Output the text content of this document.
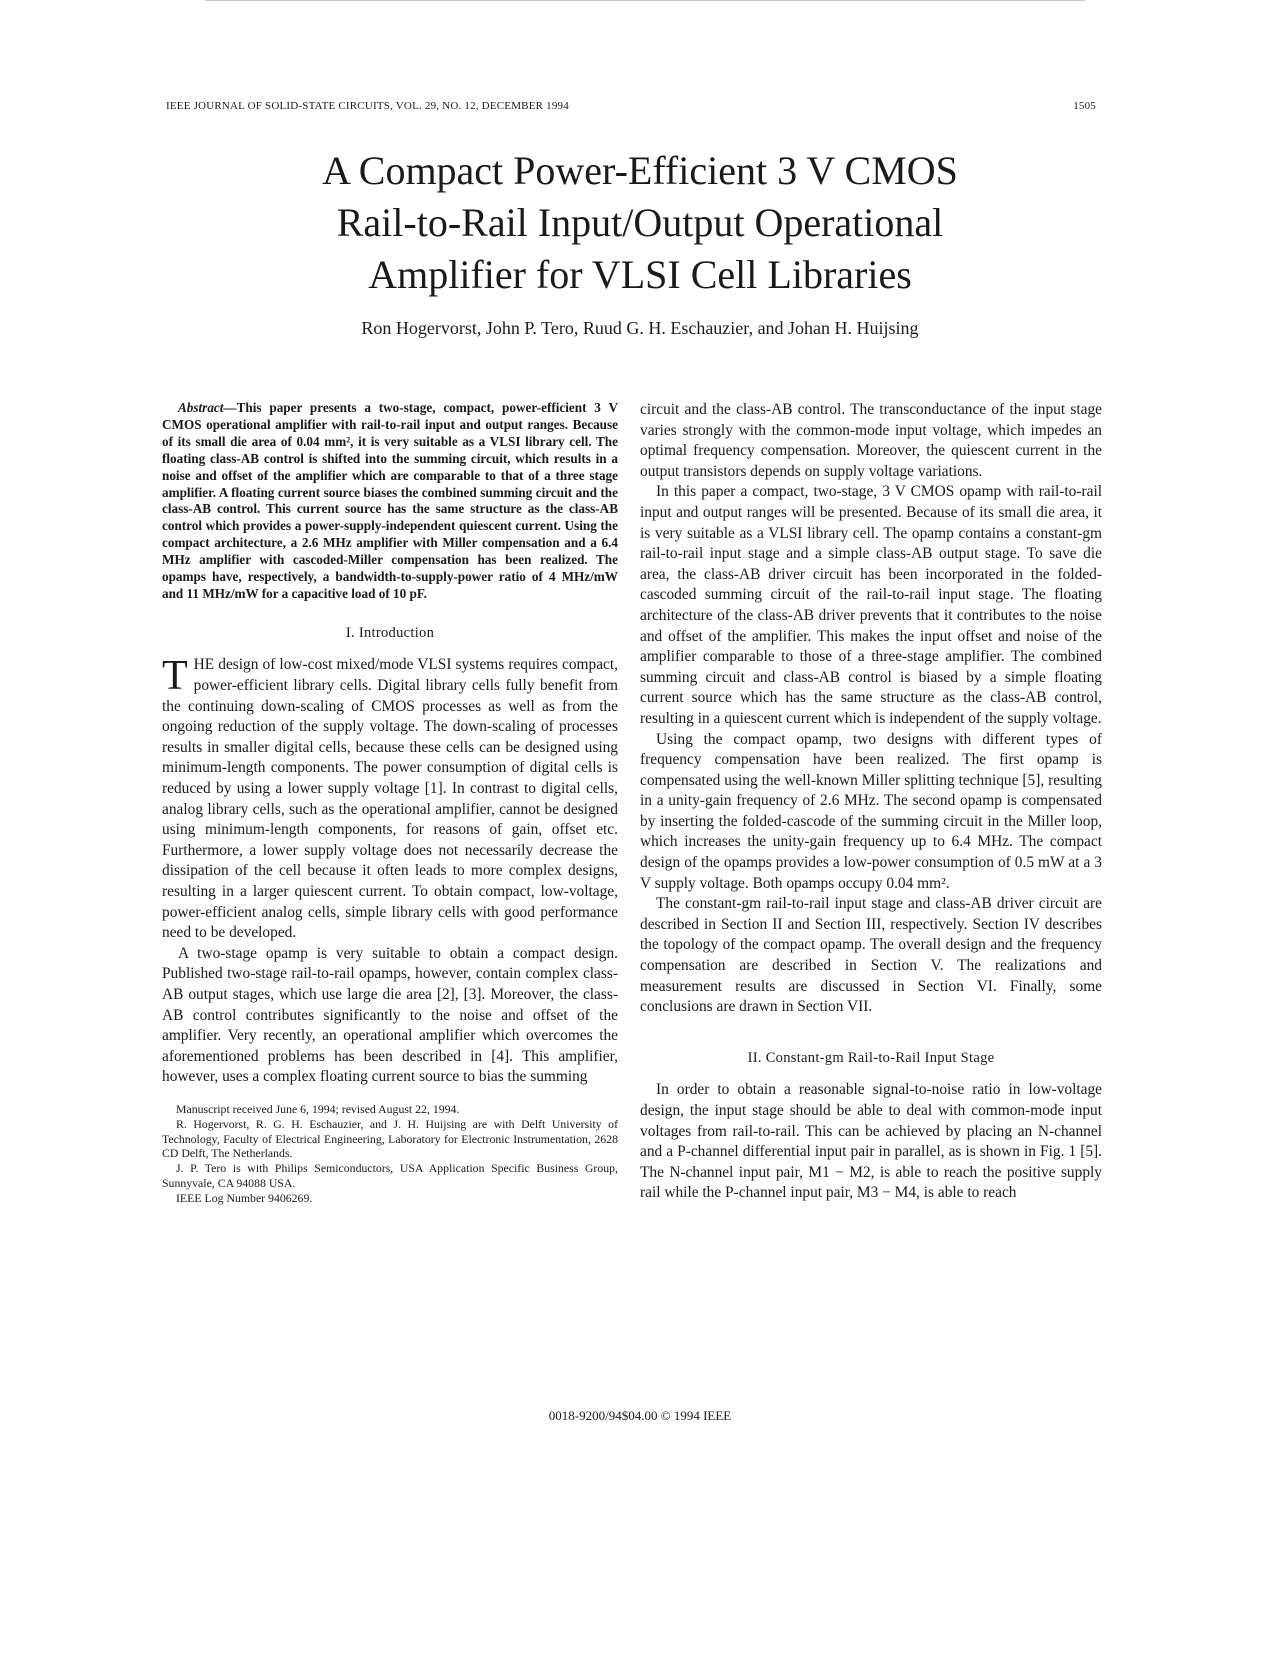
IEEE JOURNAL OF SOLID-STATE CIRCUITS, VOL. 29, NO. 12, DECEMBER 1994	1505
A Compact Power-Efficient 3 V CMOS
Rail-to-Rail Input/Output Operational
Amplifier for VLSI Cell Libraries
Ron Hogervorst, John P. Tero, Ruud G. H. Eschauzier, and Johan H. Huijsing

Abstract—This paper presents a two-stage, compact, power-efficient 3 V CMOS operational amplifier with rail-to-rail input and output ranges. Because of its small die area of 0.04 mm², it is very suitable as a VLSI library cell. The floating class-AB control is shifted into the summing circuit, which results in a noise and offset of the amplifier which are comparable to that of a three stage amplifier. A floating current source biases the combined summing circuit and the class-AB control. This current source has the same structure as the class-AB control which provides a power-supply-independent quiescent current. Using the compact architecture, a 2.6 MHz amplifier with Miller compensation and a 6.4 MHz amplifier with cascoded-Miller compensation has been realized. The opamps have, respectively, a bandwidth-to-supply-power ratio of 4 MHz/mW and 11 MHz/mW for a capacitive load of 10 pF.

I. Introduction

THE design of low-cost mixed/mode VLSI systems requires compact, power-efficient library cells. Digital library cells fully benefit from the continuing down-scaling of CMOS processes as well as from the ongoing reduction of the supply voltage. The down-scaling of processes results in smaller digital cells, because these cells can be designed using minimum-length components. The power consumption of digital cells is reduced by using a lower supply voltage [1]. In contrast to digital cells, analog library cells, such as the operational amplifier, cannot be designed using minimum-length components, for reasons of gain, offset etc. Furthermore, a lower supply voltage does not necessarily decrease the dissipation of the cell because it often leads to more complex designs, resulting in a larger quiescent current. To obtain compact, low-voltage, power-efficient analog cells, simple library cells with good performance need to be developed.

A two-stage opamp is very suitable to obtain a compact design. Published two-stage rail-to-rail opamps, however, contain complex class-AB output stages, which use large die area [2], [3]. Moreover, the class-AB control contributes significantly to the noise and offset of the amplifier. Very recently, an operational amplifier which overcomes the aforementioned problems has been described in [4]. This amplifier, however, uses a complex floating current source to bias the summing

Manuscript received June 6, 1994; revised August 22, 1994.

R. Hogervorst, R. G. H. Eschauzier, and J. H. Huijsing are with Delft University of Technology, Faculty of Electrical Engineering, Laboratory for Electronic Instrumentation, 2628 CD Delft, The Netherlands.

J. P. Tero is with Philips Semiconductors, USA Application Specific Business Group, Sunnyvale, CA 94088 USA.

IEEE Log Number 9406269.

circuit and the class-AB control. The transconductance of the input stage varies strongly with the common-mode input voltage, which impedes an optimal frequency compensation. Moreover, the quiescent current in the output transistors depends on supply voltage variations.

In this paper a compact, two-stage, 3 V CMOS opamp with rail-to-rail input and output ranges will be presented. Because of its small die area, it is very suitable as a VLSI library cell. The opamp contains a constant-gm rail-to-rail input stage and a simple class-AB output stage. To save die area, the class-AB driver circuit has been incorporated in the folded-cascoded summing circuit of the rail-to-rail input stage. The floating architecture of the class-AB driver prevents that it contributes to the noise and offset of the amplifier. This makes the input offset and noise of the amplifier comparable to those of a three-stage amplifier. The combined summing circuit and class-AB control is biased by a simple floating current source which has the same structure as the class-AB control, resulting in a quiescent current which is independent of the supply voltage.

Using the compact opamp, two designs with different types of frequency compensation have been realized. The first opamp is compensated using the well-known Miller splitting technique [5], resulting in a unity-gain frequency of 2.6 MHz. The second opamp is compensated by inserting the folded-cascode of the summing circuit in the Miller loop, which increases the unity-gain frequency up to 6.4 MHz. The compact design of the opamps provides a low-power consumption of 0.5 mW at a 3 V supply voltage. Both opamps occupy 0.04 mm².

The constant-gm rail-to-rail input stage and class-AB driver circuit are described in Section II and Section III, respectively. Section IV describes the topology of the compact opamp. The overall design and the frequency compensation are described in Section V. The realizations and measurement results are discussed in Section VI. Finally, some conclusions are drawn in Section VII.

II. Constant-gm Rail-to-Rail Input Stage

In order to obtain a reasonable signal-to-noise ratio in low-voltage design, the input stage should be able to deal with common-mode input voltages from rail-to-rail. This can be achieved by placing an N-channel and a P-channel differential input pair in parallel, as is shown in Fig. 1 [5]. The N-channel input pair, M1 − M2, is able to reach the positive supply rail while the P-channel input pair, M3 − M4, is able to reach

0018-9200/94$04.00 © 1994 IEEE
